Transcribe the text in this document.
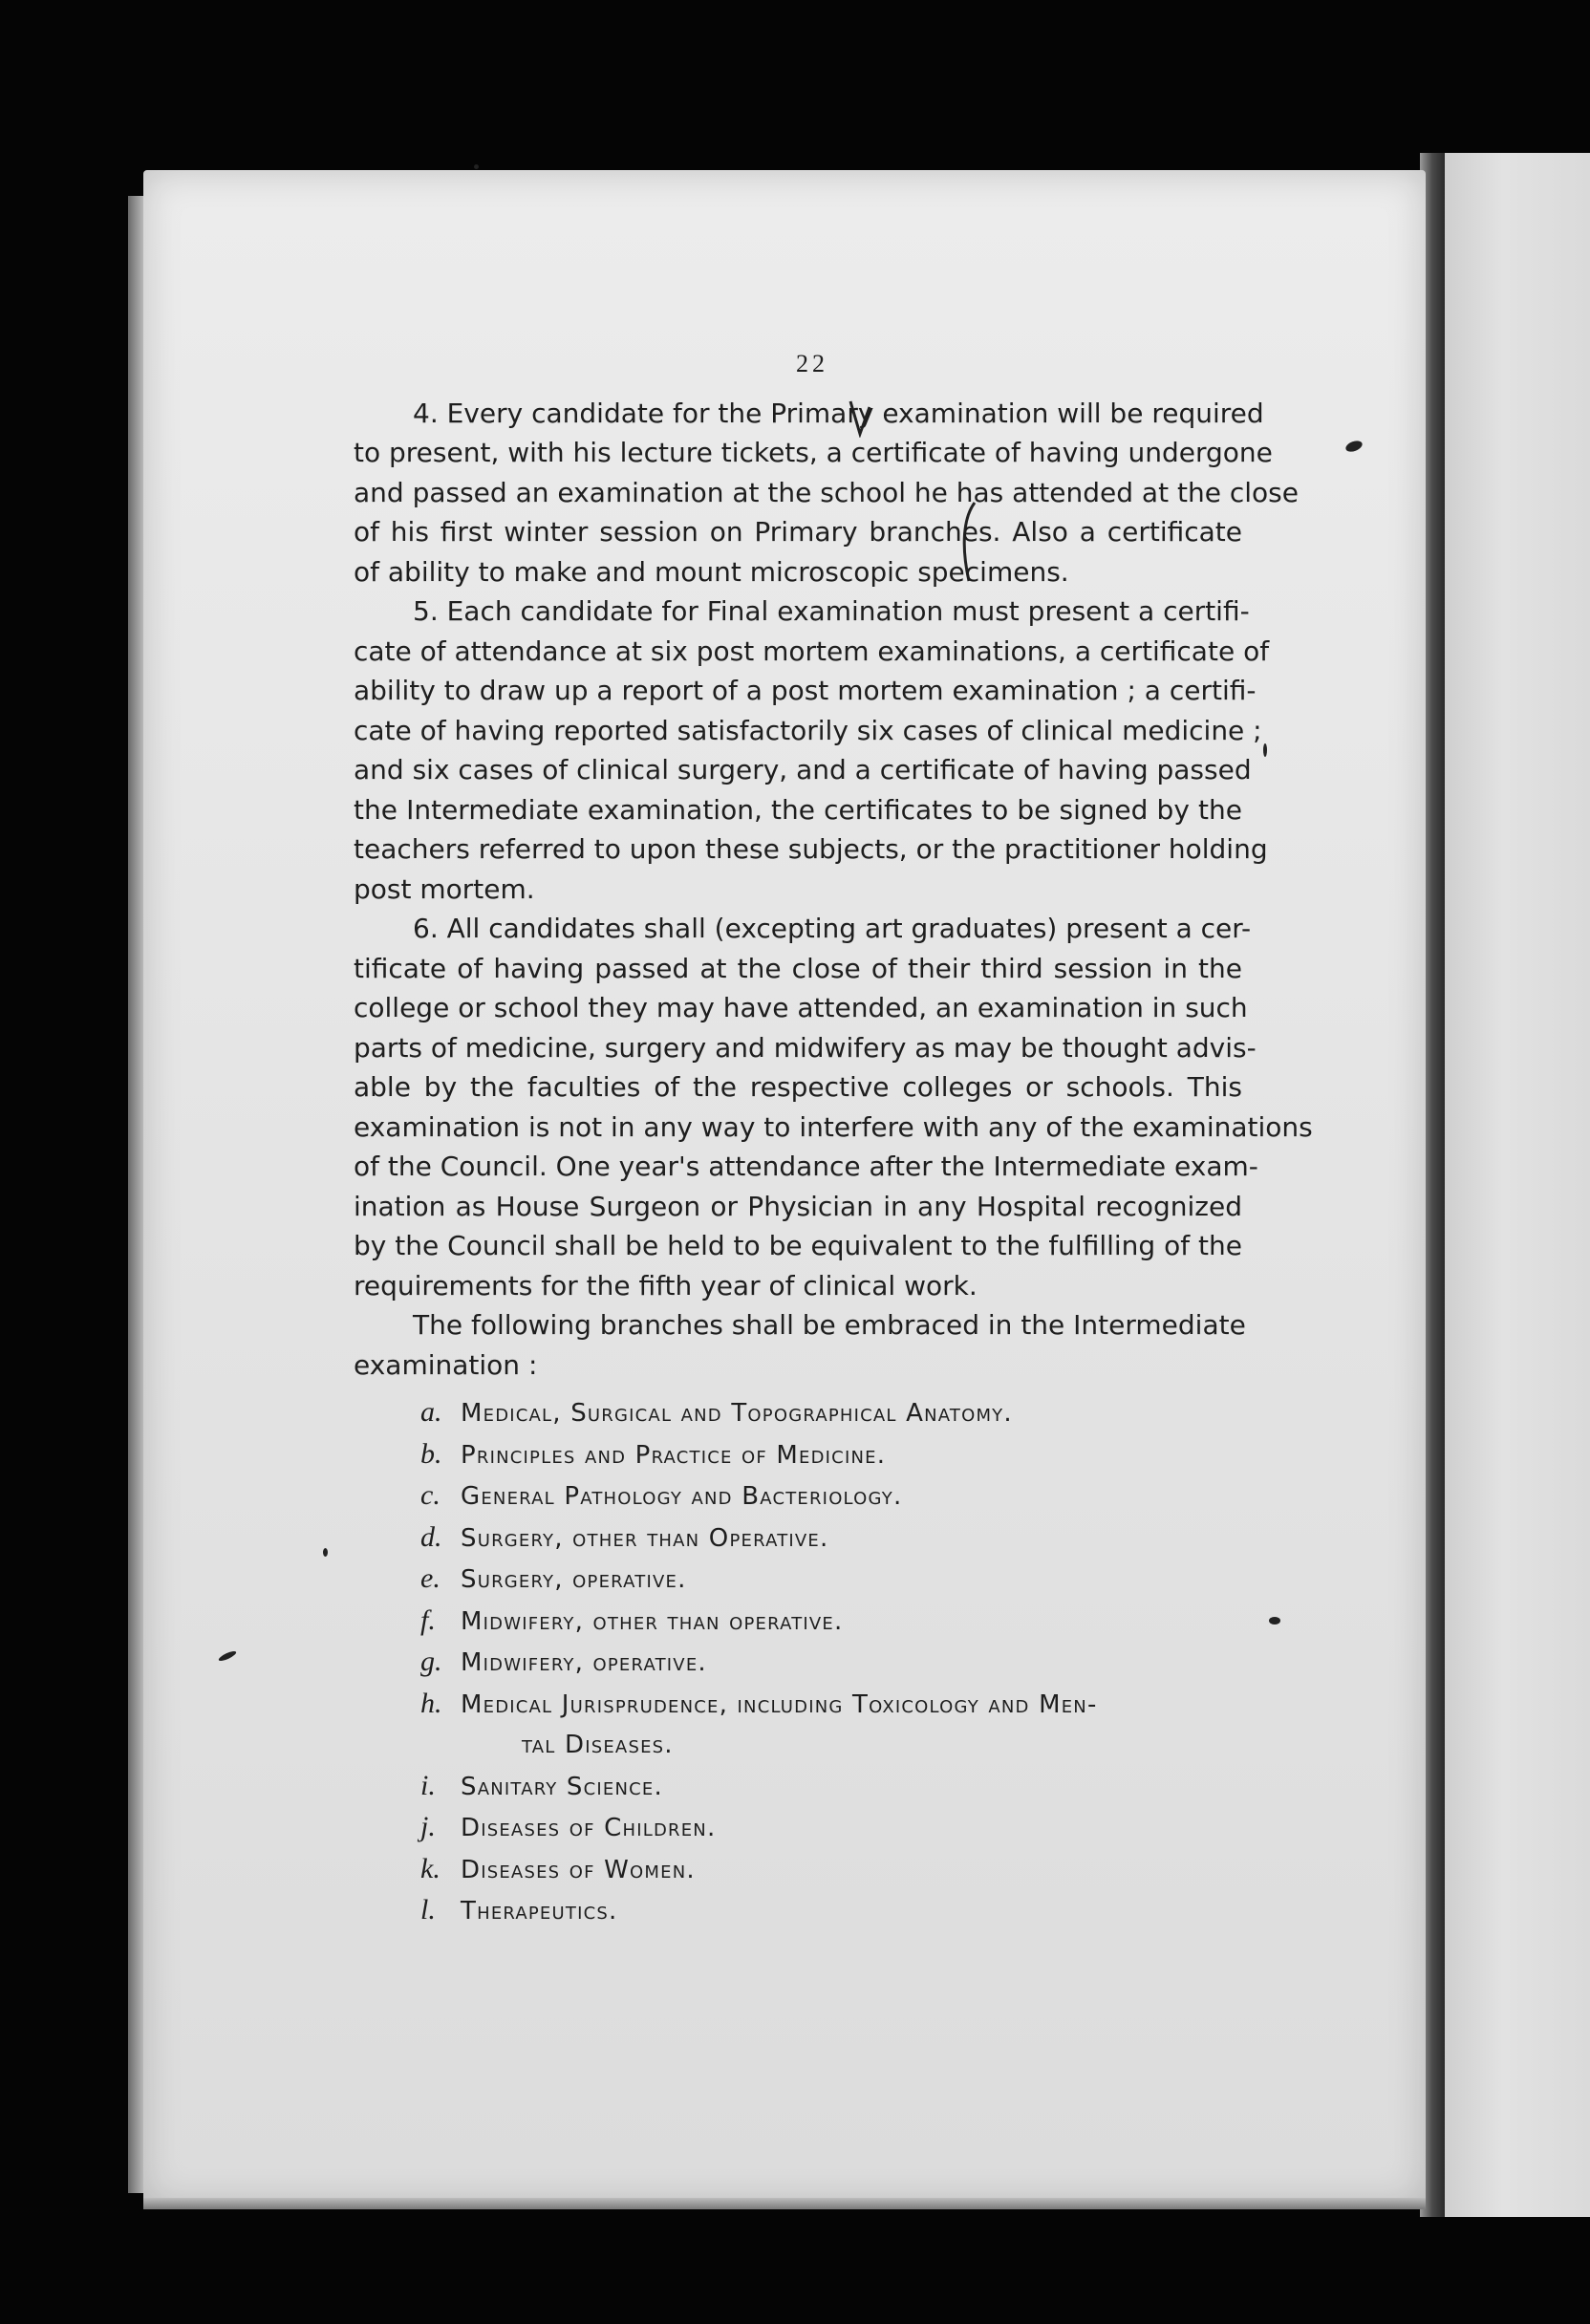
22
4. Every candidate for the Primary examination will be required
to present, with his lecture tickets, a certificate of having undergone
and passed an examination at the school he has attended at the close
of his first winter session on Primary branches. Also a certificate
of ability to make and mount microscopic specimens.
5. Each candidate for Final examination must present a certifi-
cate of attendance at six post mortem examinations, a certificate of
ability to draw up a report of a post mortem examination ; a certifi-
cate of having reported satisfactorily six cases of clinical medicine ;
and six cases of clinical surgery, and a certificate of having passed
the Intermediate examination, the certificates to be signed by the
teachers referred to upon these subjects, or the practitioner holding
post mortem.
6. All candidates shall (excepting art graduates) present a cer-
tificate of having passed at the close of their third session in the
college or school they may have attended, an examination in such
parts of medicine, surgery and midwifery as may be thought advis-
able by the faculties of the respective colleges or schools. This
examination is not in any way to interfere with any of the examinations
of the Council. One year's attendance after the Intermediate exam-
ination as House Surgeon or Physician in any Hospital recognized
by the Council shall be held to be equivalent to the fulfilling of the
requirements for the fifth year of clinical work.
The following branches shall be embraced in the Intermediate
examination :
a. Medical, Surgical and Topographical Anatomy.
b. Principles and Practice of Medicine.
c. General Pathology and Bacteriology.
d. Surgery, other than Operative.
e. Surgery, operative.
f.	Midwifery, other than operative.
g. Midwifery, operative.
h. Medical Jurisprudence, including Toxicology and Men-
tal Diseases.
i.	Sanitary Science.
j.	Diseases of Children.
k. Diseases of Women.
l.	Therapeutics.
